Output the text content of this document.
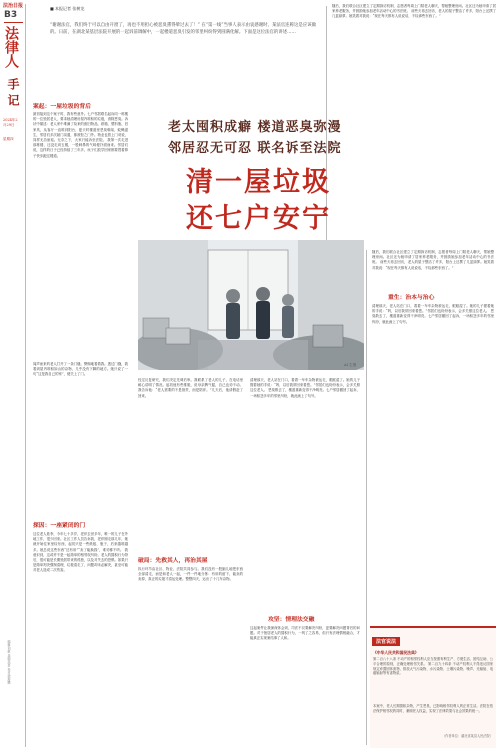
法治日报
B3
法律人
手 记
2024年2月29日
星期四
编辑/刘敏 美编/高岩 校对/郭海鹏
■ 本报记者 张树龙
“谢谢法官，我们终于可以自由开窗了，再也不用担心被恶臭熏得晕过去了！” 在“第一线”当事人表示由衷感谢时，某法官连称这是应该做的。日前，在湖北某基层法院开展的一起诉前调解中，一起楼道恶臭引发的邻里纠纷得到圆满化解。下面是这位法官的讲述……
随后，我们联合社区建立了定期探访机制，志愿者每周上门陪老人聊天，帮她整理房间。社区还为她申请了居家养老服务，并鼓励她参加老年活动中心的书法班。 前些天再去回访，老人的屋子整洁了许多，阳台上还摆了几盆绿萝。她笑着对我说：“现在每天都有人说说话，不捡那些东西了。”
案起：一屋垃圾的背后
最初接到这个案子时，我有些意外。七户邻居联名起诉同一栋楼的一位独居老人，要求她清理房屋内堆积的垃圾，消除恶臭。诉状中描述：老人家中堆满了捡来的废旧物品，纸箱、塑料瓶、旧家具，从客厅一直堆到阳台，夏天时楼道里恶臭难闻，蚊蝇滋生，邻居们多次敲门沟通，都被拒之门外。物业也曾上门劝说，同样无功而返。无奈之下，大家只能诉至法院。 我第一次走进那栋楼，还没走到五楼，一股刺鼻的气味便扑面而来。邻居们说，这样的日子已经持续了三年多，孩子们放学回家都要捏着鼻子快步跑过楼道。
闻声而来的老人打开了一条门缝，警惕地看着我。透过门缝，我看到屋内堆积如山的杂物，几乎没有下脚的地方。她只说了一句“这是我自己的家”，便关上了门。
探因：一座紧闭的门
这位老人姓李，今年七十多岁，老伴去世多年，唯一的儿子在外地工作，很少回来。社区工作人员告诉我，老伴刚走那几年，她就开始往家里捡东西，起初只是一些纸板、瓶子，后来越堆越多。她总说这些东西“还有用”“卖了能换钱”，谁劝都不听。 我意识到，这或许不是一起简单的相邻权纠纷。老人的囤积行为背后，很可能是长期独居带来的孤独，以及对失去的恐惧。如果只是简单判决强制清理，垃圾清走了，问题却未必解决，甚至可能对老人造成二次伤害。
老太囤积成癖 楼道恶臭弥漫
邻居忍无可忍 联名诉至法院
清一屋垃圾
还七户安宁
AI 生图
经过反复研究，我们决定先调后审。我联系了老人的儿子，在电话里耐心讲明了情况。起初他有些推脱，说母亲脾气倔，自己也劝不动。我告诉他：“老人需要的不是指责，而是陪伴。”几天后，他请假赶了回来。
破局：先救其人，再治其屋
执行环节由社区、物业、法院共同参与。我们没有一股脑儿地把东西全部清走，而是和老人一起，一件一件地分拣：有用的留下，能卖的卖掉，真正的垃圾才清运处理。整整四天，运出了十几车杂物。
清理那天，老人站在门口，看着一车车杂物被运走，眼眶湿了。她的儿子握着她的手说：“妈，以后我常回来看您。”邻居们也纷纷表示，会多关照这位老人。 恶臭散去了，楼道重新变得干净明亮。七户邻居撤回了起诉，一场积怨多年的邻里纠纷，就此画上了句号。
攻坚：情理法交融
这起案件让我深深体会到，司法不仅要解决纠纷，更要解决问题背后的问题。对于独居老人的囤积行为，一判了之容易，但只有法理情相融合，才能真正实现案结事了人和。
重生：治本与治心
随后，我们联合社区建立了定期探访机制，志愿者每周上门陪老人聊天，帮她整理房间。社区还为她申请了居家养老服务，并鼓励她参加老年活动中心的书法班。 前些天再去回访，老人的屋子整洁了许多，阳台上还摆了几盆绿萝。她笑着对我说：“现在每天都有人说说话，不捡那些东西了。”
清理那天，老人站在门口，看着一车车杂物被运走，眼眶湿了。她的儿子握着她的手说：“妈，以后我常回来看您。”邻居们也纷纷表示，会多关照这位老人。 恶臭散去了，楼道重新变得干净明亮。七户邻居撤回了起诉，一场积怨多年的邻里纠纷，就此画上了句号。
法官说法
《中华人民共和国民法典》
第二百八十八条 不动产的相邻权利人应当按照有利生产、方便生活、团结互助、公平合理的原则，正确处理相邻关系。 第二百九十四条 不动产权利人不得违反国家规定弃置固体废物，排放大气污染物、水污染物、土壤污染物、噪声、光辐射、电磁辐射等有害物质。
本案中，老人长期囤积杂物，产生恶臭，已影响相邻权利人的正常生活。法院在依法保护相邻权的同时，兼顾老人权益，实现了法律效果与社会效果的统一。
（作者单位：湖北省某县人民法院）
